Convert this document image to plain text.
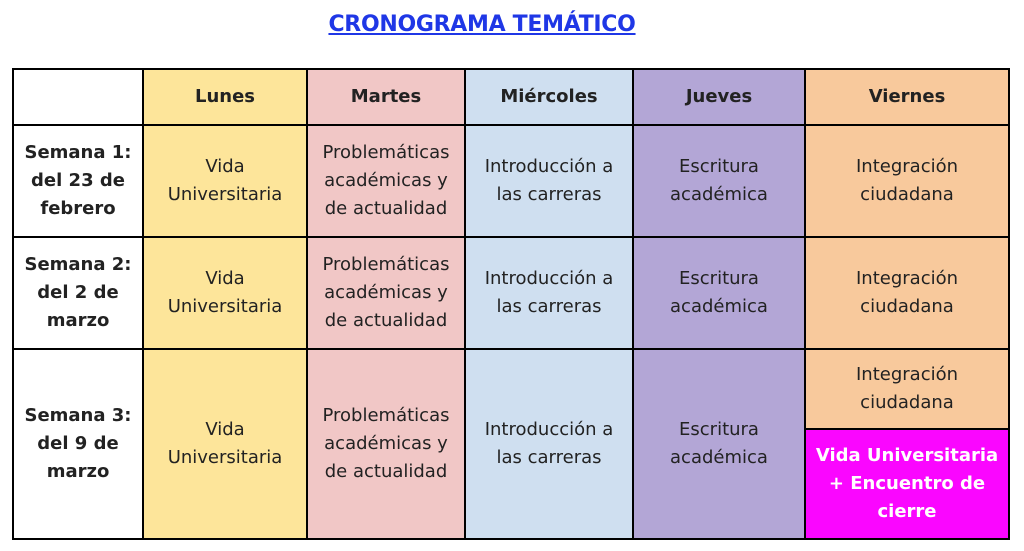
CRONOGRAMA TEMÁTICO
	Lunes	Martes	Miércoles	Jueves	Viernes

Semana 1:
del 23 de
febrero	Vida
Universitaria	Problemáticas
académicas y
de actualidad	Introducción a
las carreras	Escritura
académica	Integración
ciudadana

Semana 2:
del 2 de
marzo	Vida
Universitaria	Problemáticas
académicas y
de actualidad	Introducción a
las carreras	Escritura
académica	Integración
ciudadana

Semana 3:
del 9 de
marzo	Vida
Universitaria	Problemáticas
académicas y
de actualidad	Introducción a
las carreras	Escritura
académica	Integración
ciudadana

					Vida Universitaria
+ Encuentro de
cierre
